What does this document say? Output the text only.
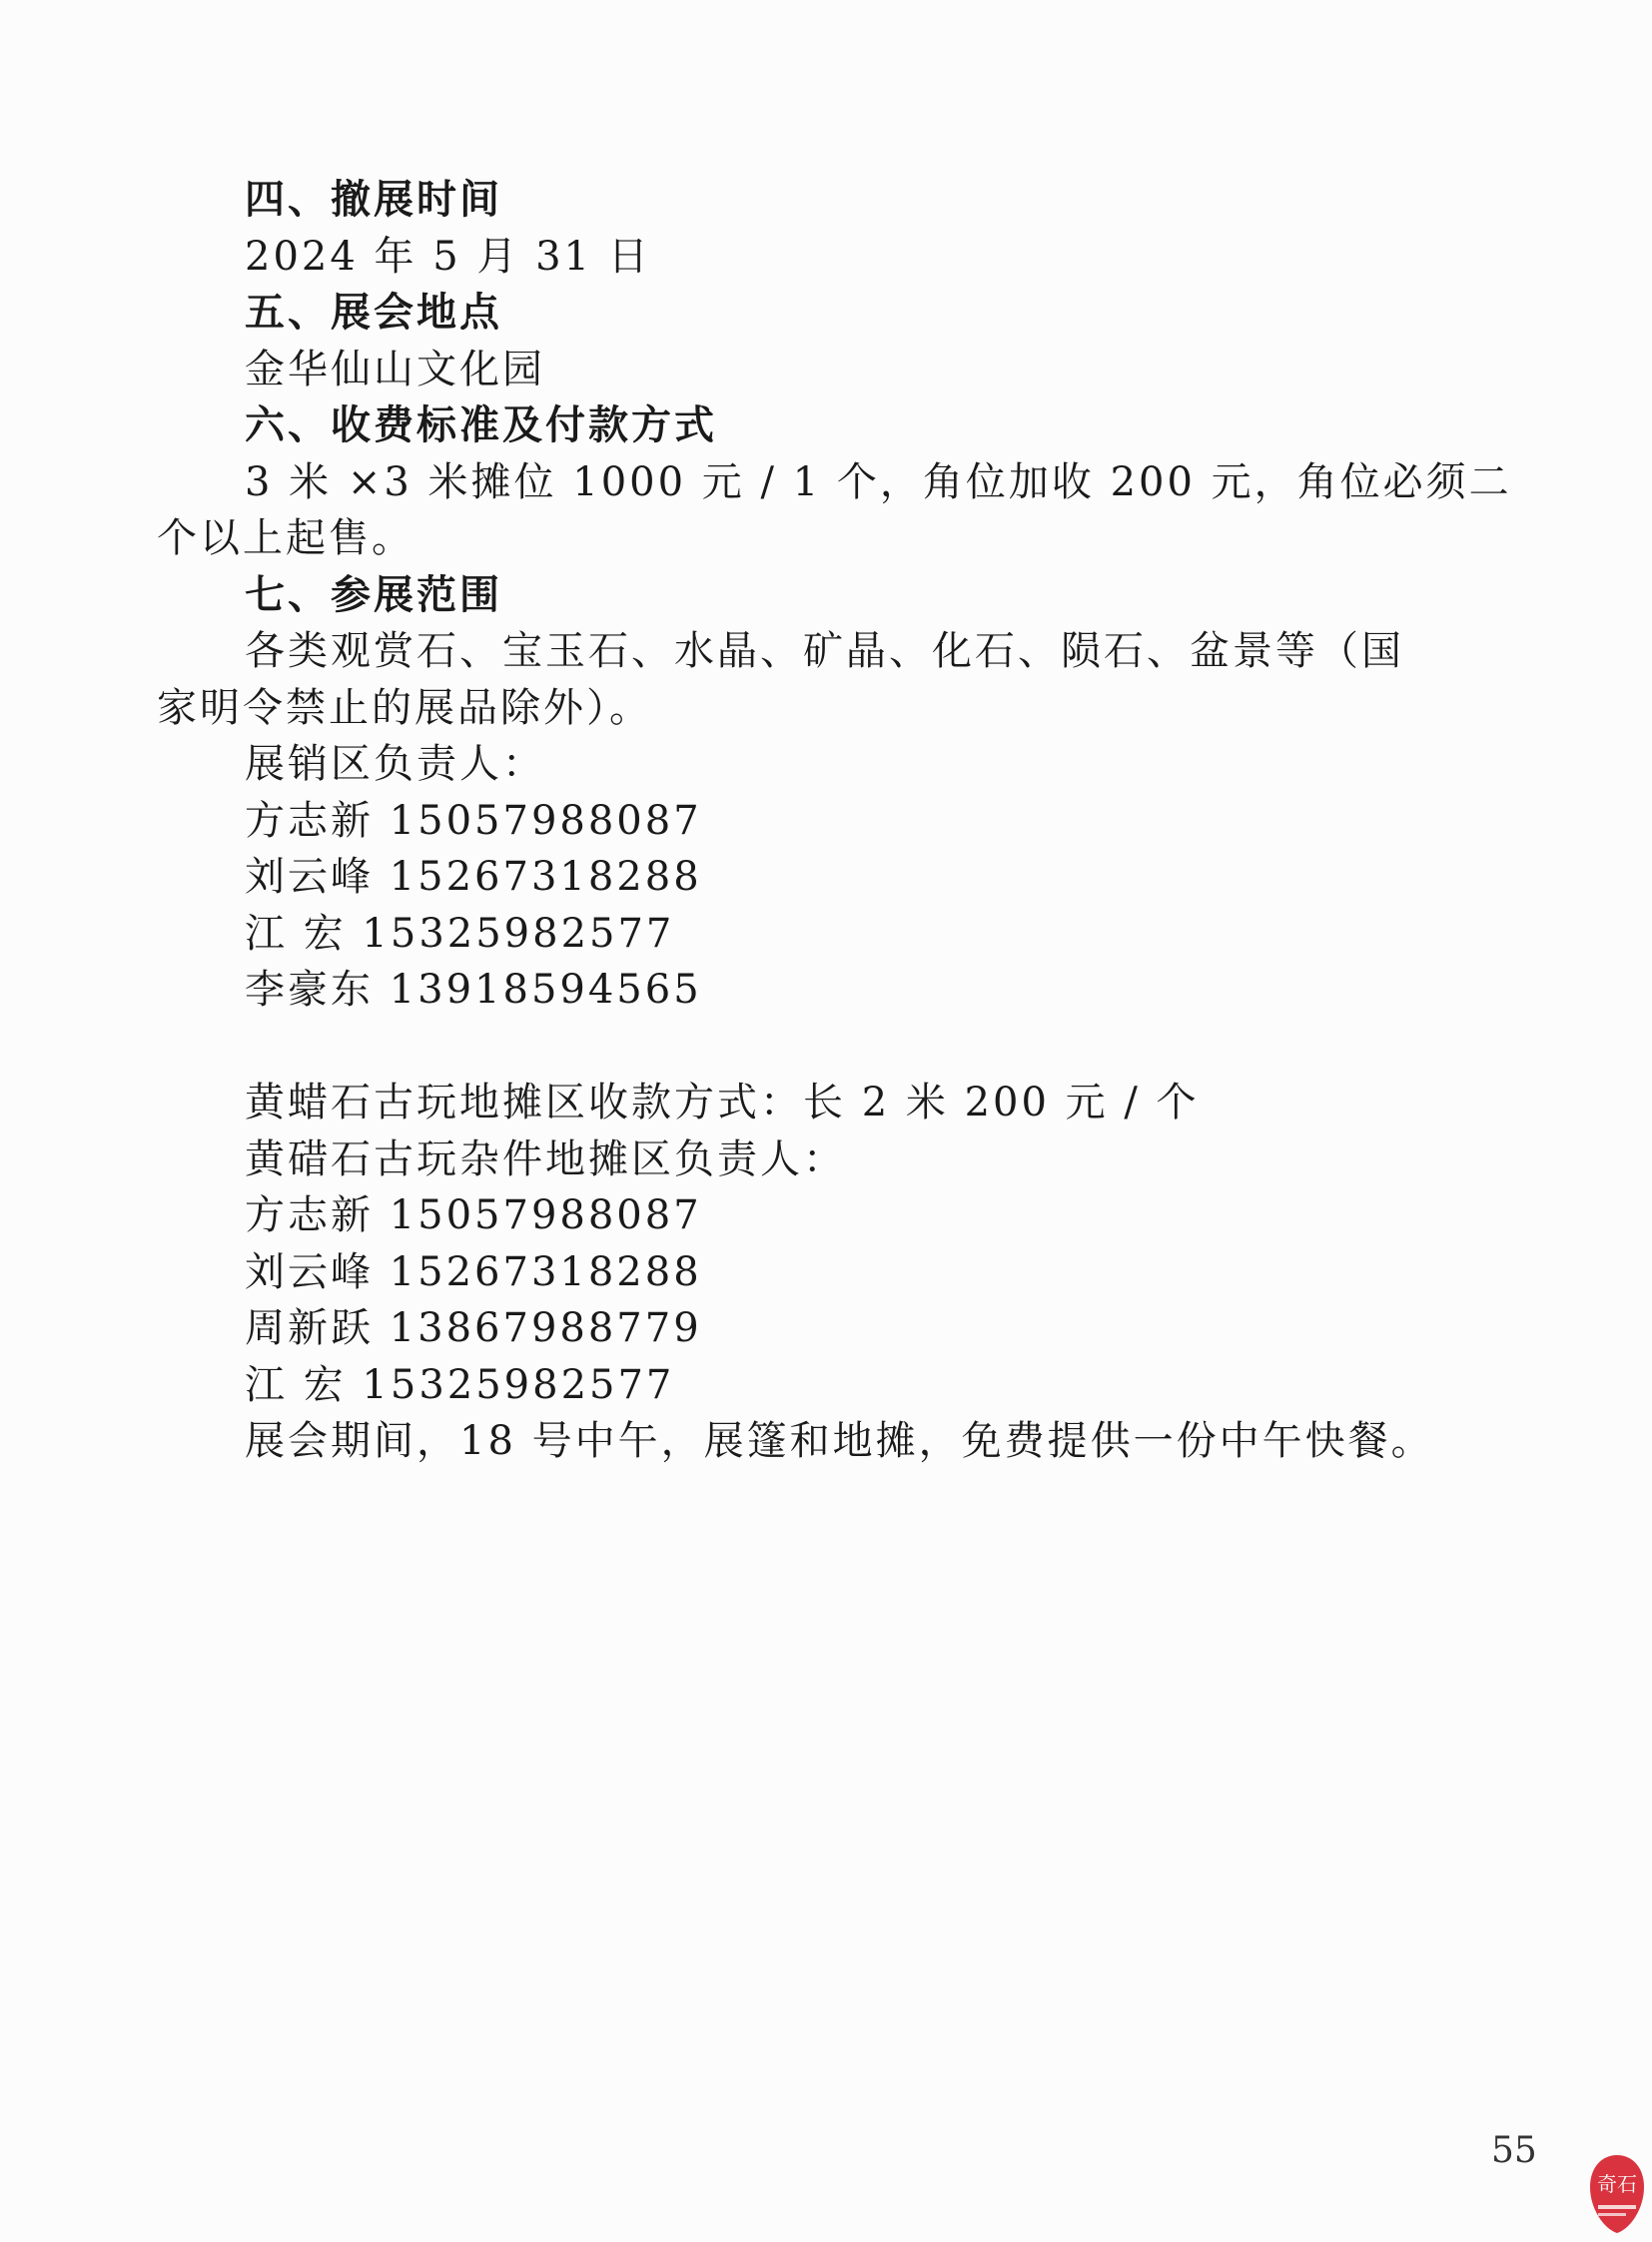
四、撤展时间
2024 年 5 月 31 日
五、展会地点
金华仙山文化园
六、收费标准及付款方式
3 米 ×3 米摊位 1000 元 / 1 个，角位加收 200 元，角位必须二
个以上起售。
七、参展范围
各类观赏石、宝玉石、水晶、矿晶、化石、陨石、盆景等（国
家明令禁止的展品除外）。
展销区负责人：
方志新 15057988087
刘云峰 15267318288
江 宏 15325982577
李豪东 13918594565
黄蜡石古玩地摊区收款方式：长 2 米 200 元 / 个
黄碏石古玩杂件地摊区负责人：
方志新 15057988087
刘云峰 15267318288
周新跃 13867988779
江 宏 15325982577
展会期间，18 号中午，展篷和地摊，免费提供一份中午快餐。
55
奇石
